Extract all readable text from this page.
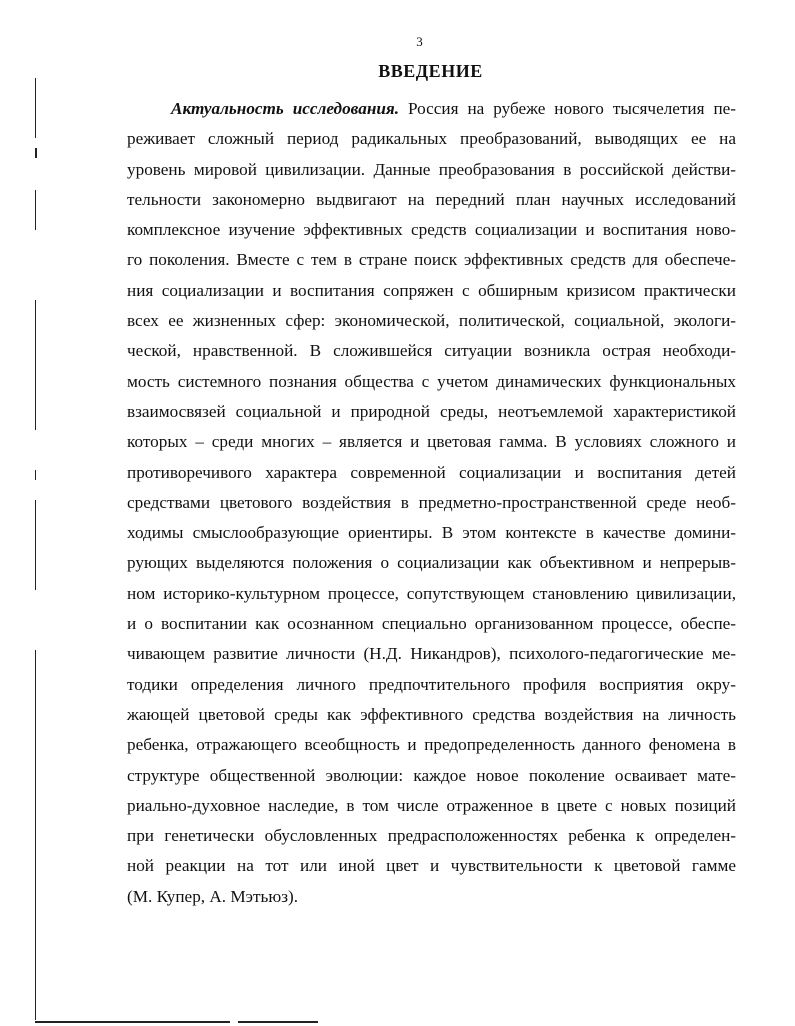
3
ВВЕДЕНИЕ
Актуальность исследования. Россия на рубеже нового тысячелетия пе-
реживает сложный период радикальных преобразований, выводящих ее на
уровень мировой цивилизации. Данные преобразования в российской действи-
тельности закономерно выдвигают на передний план научных исследований
комплексное изучение эффективных средств социализации и воспитания ново-
го поколения. Вместе с тем в стране поиск эффективных средств для обеспече-
ния социализации и воспитания сопряжен с обширным кризисом практически
всех ее жизненных сфер: экономической, политической, социальной, экологи-
ческой, нравственной. В сложившейся ситуации возникла острая необходи-
мость системного познания общества с учетом динамических функциональных
взаимосвязей социальной и природной среды, неотъемлемой характеристикой
которых – среди многих – является и цветовая гамма. В условиях сложного и
противоречивого характера современной социализации и воспитания детей
средствами цветового воздействия в предметно-пространственной среде необ-
ходимы смыслообразующие ориентиры. В этом контексте в качестве домини-
рующих выделяются положения о социализации как объективном и непрерыв-
ном историко-культурном процессе, сопутствующем становлению цивилизации,
и о воспитании как осознанном специально организованном процессе, обеспе-
чивающем развитие личности (Н.Д. Никандров), психолого-педагогические ме-
тодики определения личного предпочтительного профиля восприятия окру-
жающей цветовой среды как эффективного средства воздействия на личность
ребенка, отражающего всеобщность и предопределенность данного феномена в
структуре общественной эволюции: каждое новое поколение осваивает мате-
риально-духовное наследие, в том числе отраженное в цвете с новых позиций
при генетически обусловленных предрасположенностях ребенка к определен-
ной реакции на тот или иной цвет и чувствительности к цветовой гамме
(М. Купер, А. Мэтьюз).
